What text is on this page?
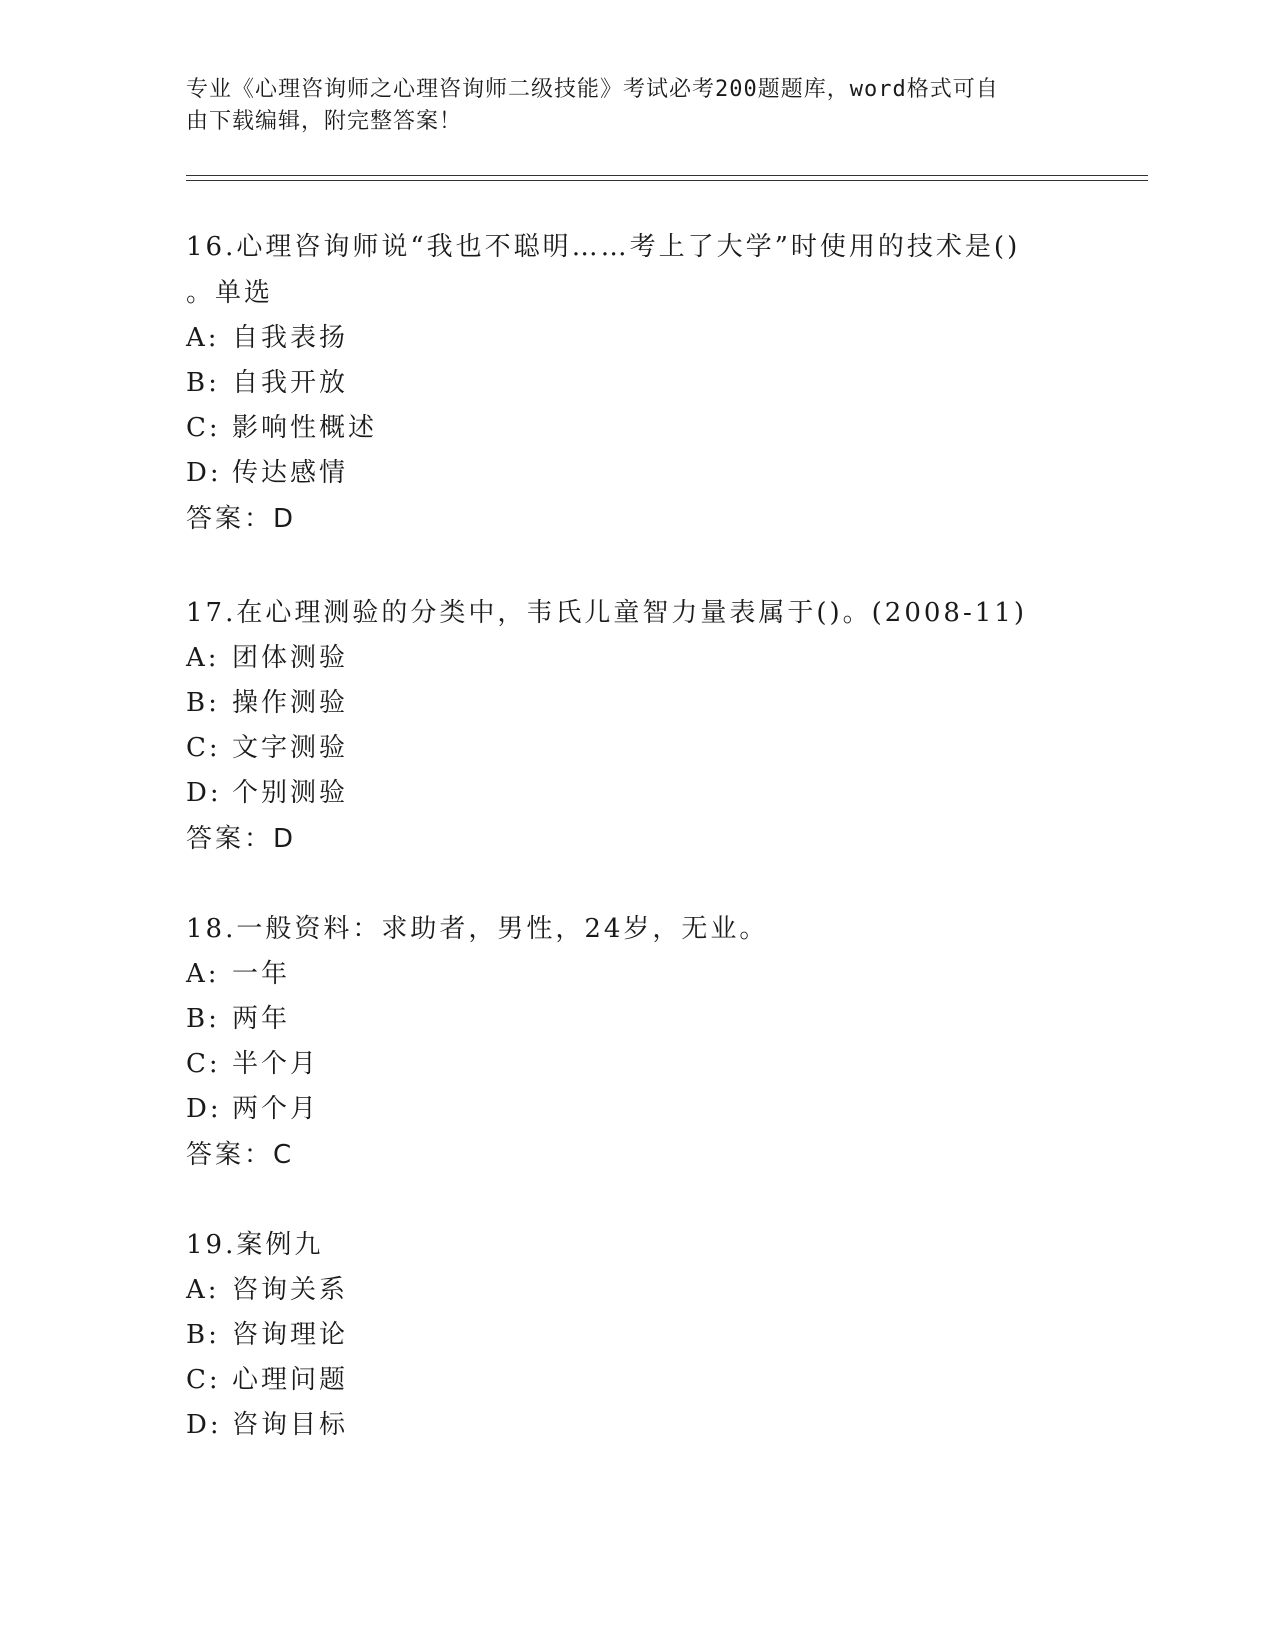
专业《心理咨询师之心理咨询师二级技能》考试必考200题题库，word格式可自
由下载编辑，附完整答案！

16.心理咨询师说“我也不聪明……考上了大学”时使用的技术是()

。单选

A: 自我表扬

B: 自我开放

C: 影响性概述

D: 传达感情

答案：D

17.在心理测验的分类中，韦氏儿童智力量表属于()。(2008-11)

A: 团体测验

B: 操作测验

C: 文字测验

D: 个别测验

答案：D

18.一般资料：求助者，男性，24岁，无业。

A: 一年

B: 两年

C: 半个月

D: 两个月

答案：C

19.案例九

A: 咨询关系

B: 咨询理论

C: 心理问题

D: 咨询目标
